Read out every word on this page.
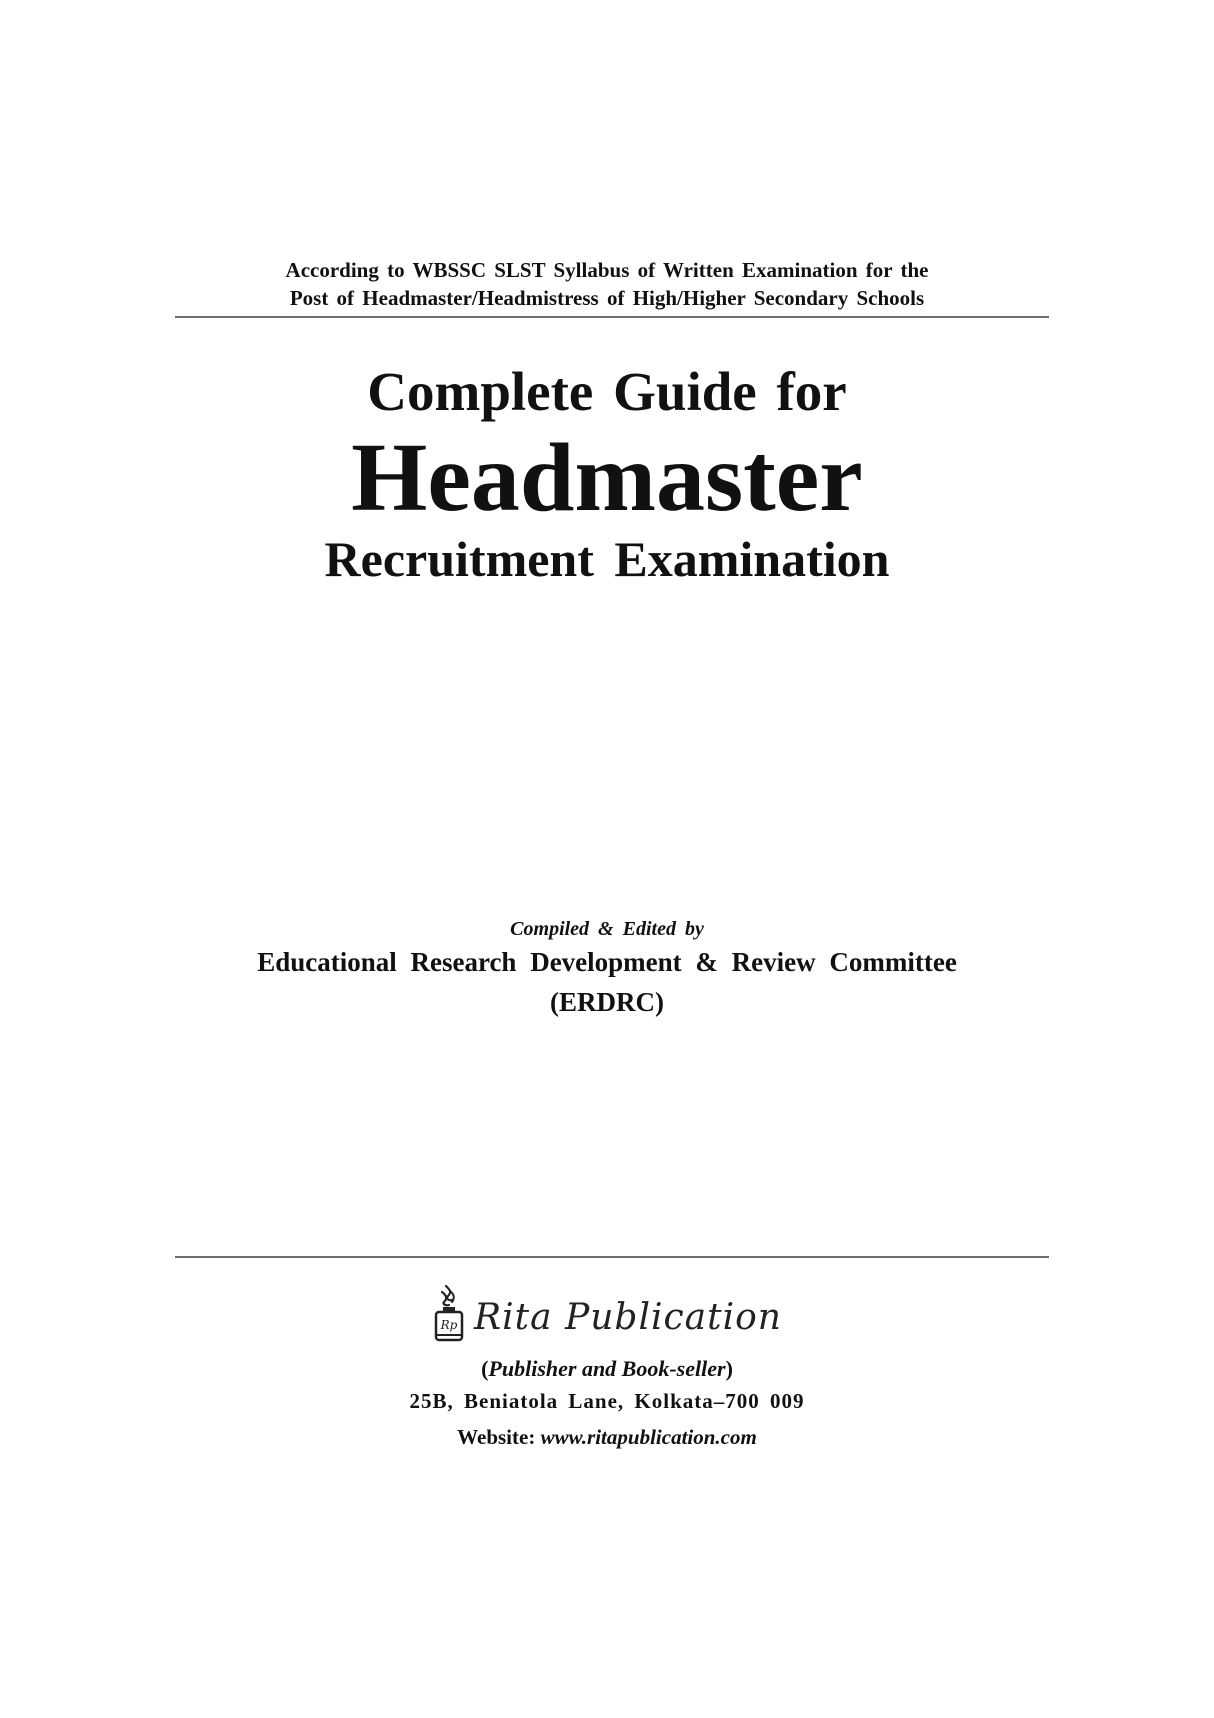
According to WBSSC SLST Syllabus of Written Examination for the
Post of Headmaster/Headmistress of High/Higher Secondary Schools
Complete Guide for
Headmaster
Recruitment Examination
Compiled & Edited by
Educational Research Development & Review Committee
(ERDRC)
Rp Rita Publication
(Publisher and Book-seller)
25B, Beniatola Lane, Kolkata–700 009
Website: www.ritapublication.com
